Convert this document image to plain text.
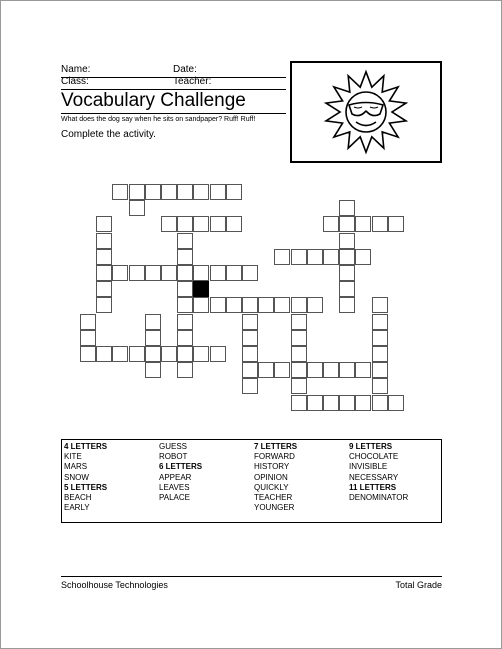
Name:	Date:
Class:	Teacher:
Vocabulary Challenge
What does the dog say when he sits on sandpaper? Ruff! Ruff!
Complete the activity.
4 LETTERS
KITE
MARS
SNOW
5 LETTERS
BEACH
EARLY
GUESS
ROBOT
6 LETTERS
APPEAR
LEAVES
PALACE
7 LETTERS
FORWARD
HISTORY
OPINION
QUICKLY
TEACHER
YOUNGER
9 LETTERS
CHOCOLATE
INVISIBLE
NECESSARY
11 LETTERS
DENOMINATOR
Schoolhouse Technologies	Total Grade
